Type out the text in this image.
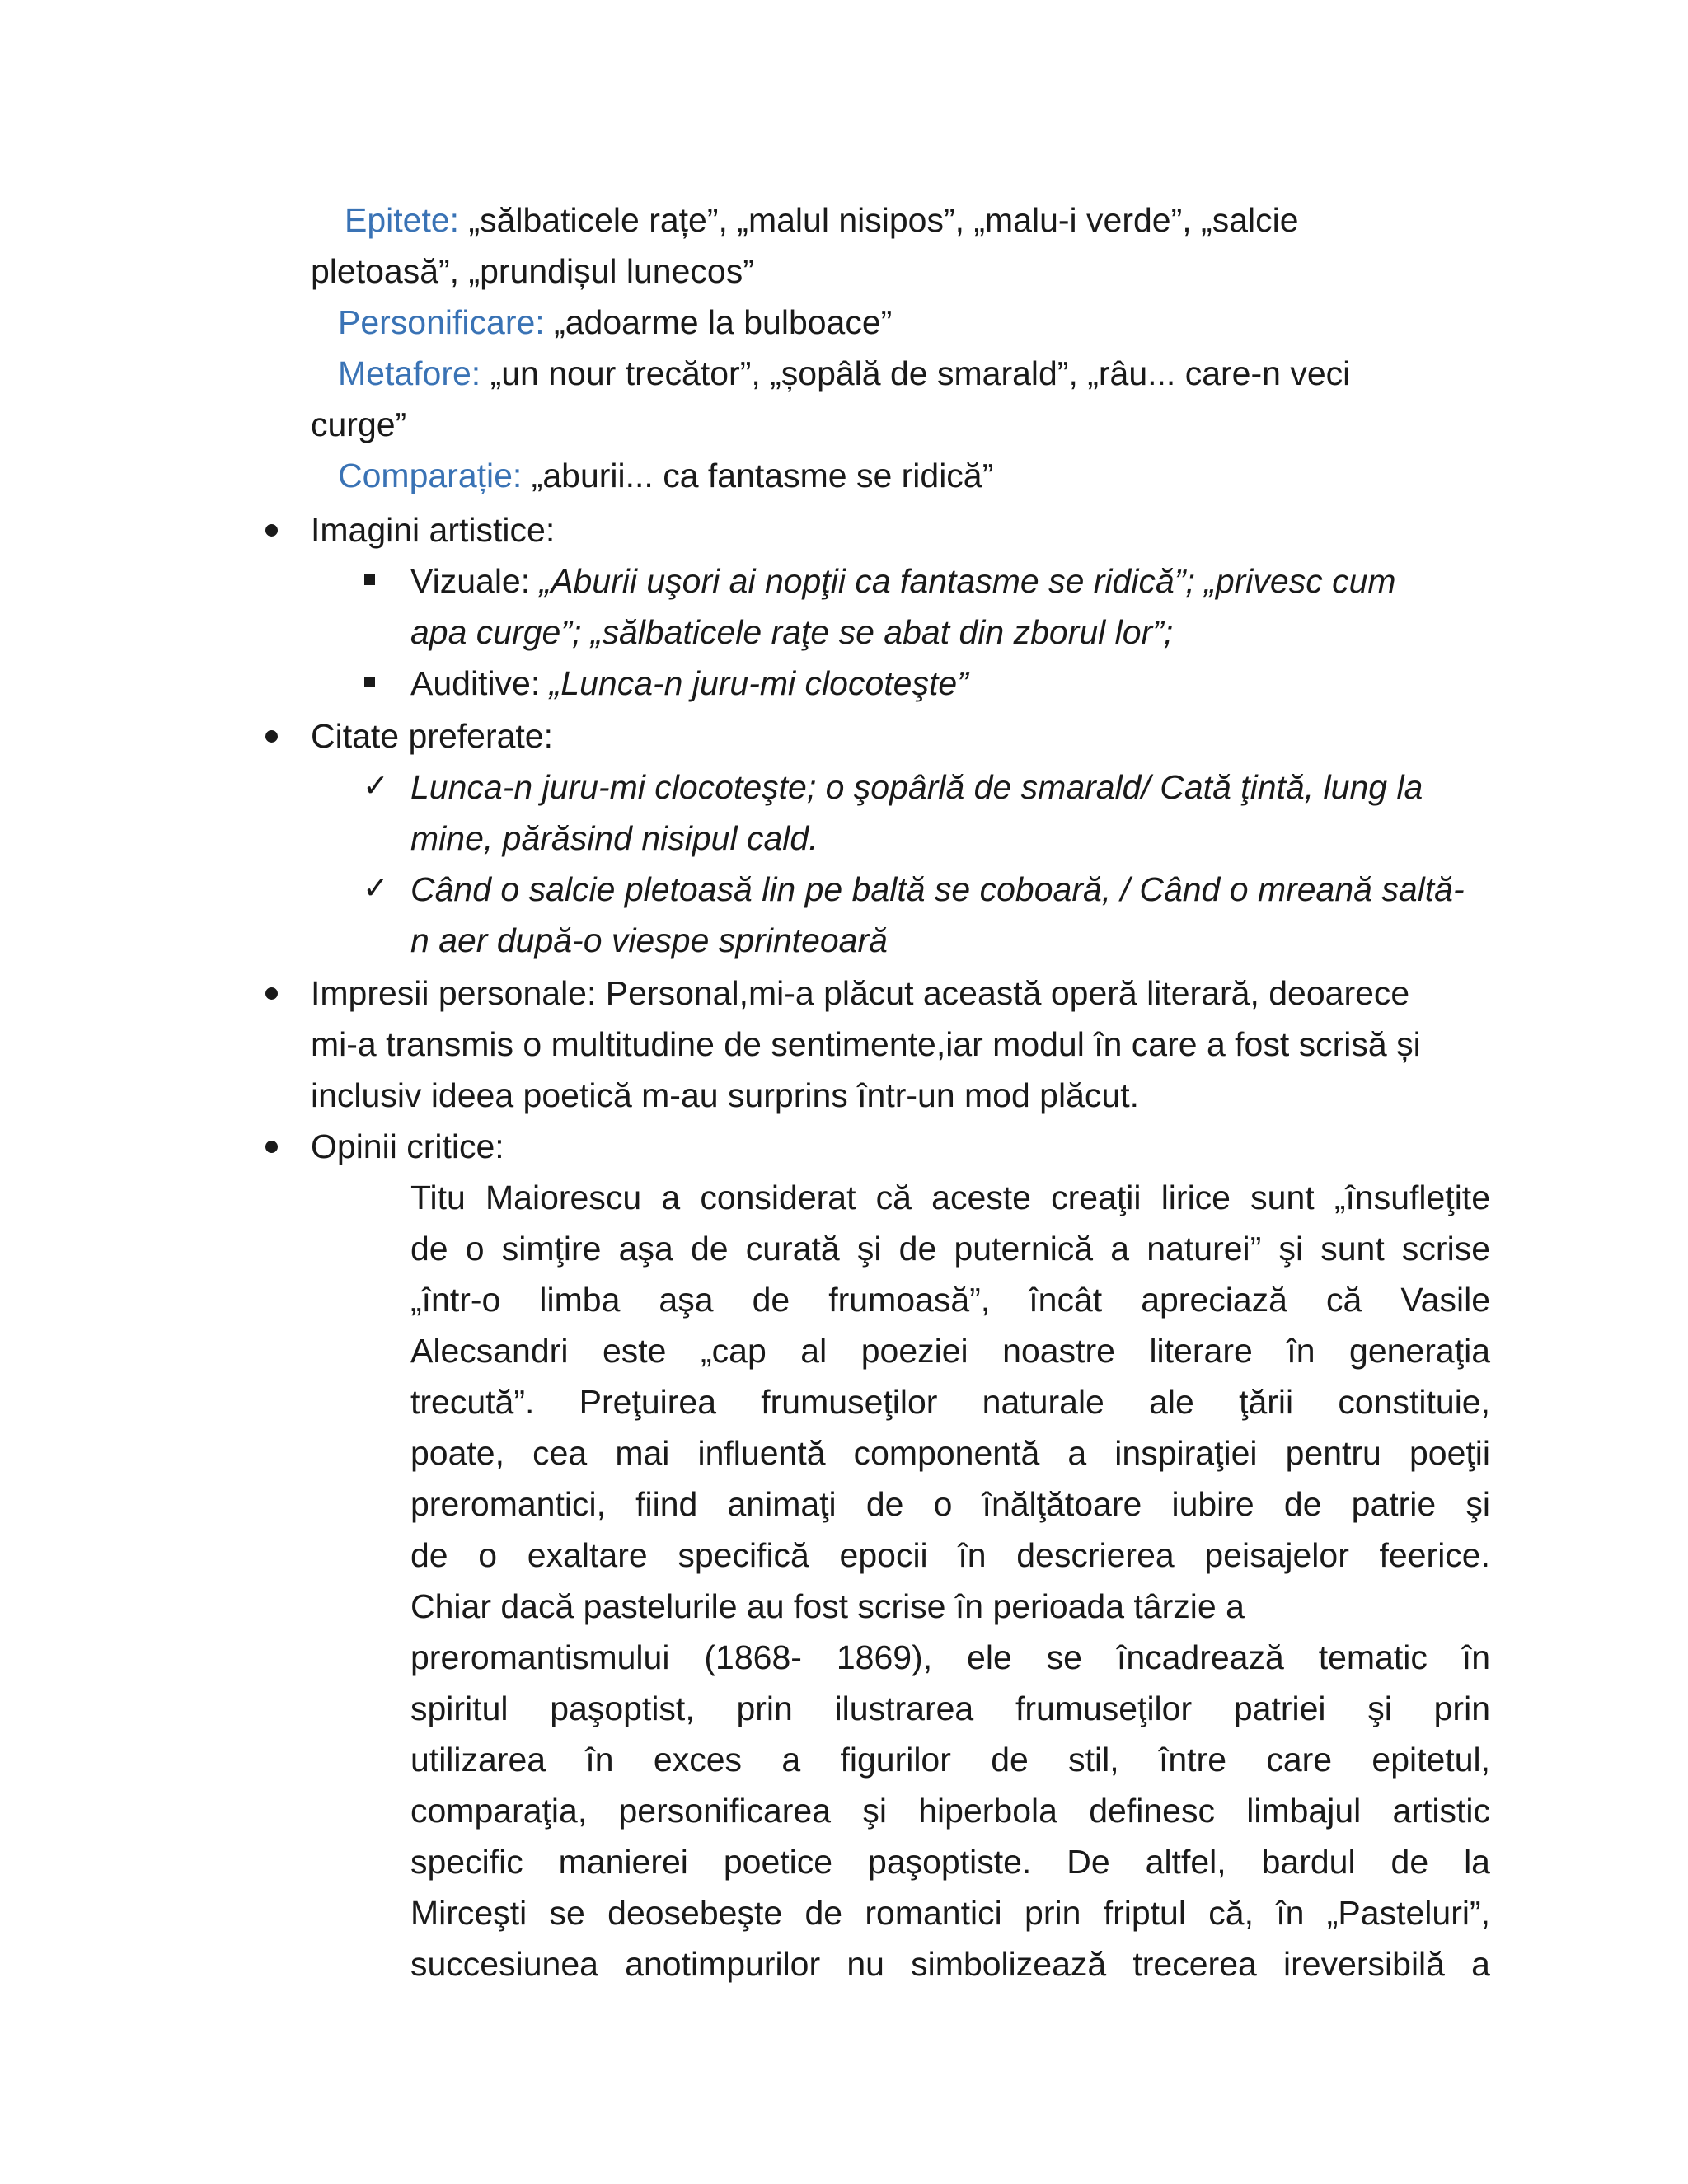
Epitete: „sălbaticele rațe”, „malul nisipos”, „malu-i verde”, „salcie
pletoasă”, „prundișul lunecos”
Personificare: „adoarme la bulboace”
Metafore: „un nour trecător”, „șopâlă de smarald”, „râu... care-n veci
curge”
Comparație: „aburii... ca fantasme se ridică”
Imagini artistice:
Vizuale: „Aburii uşori ai nopţii ca fantasme se ridică”; „privesc cum
apa curge”; „sălbaticele raţe se abat din zborul lor”;
Auditive: „Lunca-n juru-mi clocoteşte”
Citate preferate:
✓ Lunca-n juru-mi clocoteşte; o şopârlă de smarald/ Cată ţintă, lung la
mine, părăsind nisipul cald.
✓ Când o salcie pletoasă lin pe baltă se coboară, / Când o mreană saltă-
n aer după-o viespe sprinteoară
Impresii personale: Personal,mi-a plăcut această operă literară, deoarece
mi-a transmis o multitudine de sentimente,iar modul în care a fost scrisă și
inclusiv ideea poetică m-au surprins într-un mod plăcut.
Opinii critice:
Titu Maiorescu a considerat că aceste creaţii lirice sunt „însufleţite
de o simţire aşa de curată şi de puternică a naturei” şi sunt scrise
„într-o limba aşa de frumoasă”, încât apreciază că Vasile
Alecsandri este „cap al poeziei noastre literare în generaţia
trecută”. Preţuirea frumuseţilor naturale ale ţării constituie,
poate, cea mai influentă componentă a inspiraţiei pentru poeţii
preromantici, fiind animaţi de o înălţătoare iubire de patrie şi
de o exaltare specifică epocii în descrierea peisajelor feerice.
Chiar dacă pastelurile au fost scrise în perioada târzie a
preromantismului (1868- 1869), ele se încadrează tematic în
spiritul paşoptist, prin ilustrarea frumuseţilor patriei şi prin
utilizarea în exces a figurilor de stil, între care epitetul,
comparaţia, personificarea şi hiperbola definesc limbajul artistic
specific manierei poetice paşoptiste. De altfel, bardul de la
Mirceşti se deosebeşte de romantici prin friptul că, în „Pasteluri”,
succesiunea anotimpurilor nu simbolizează trecerea ireversibilă a
